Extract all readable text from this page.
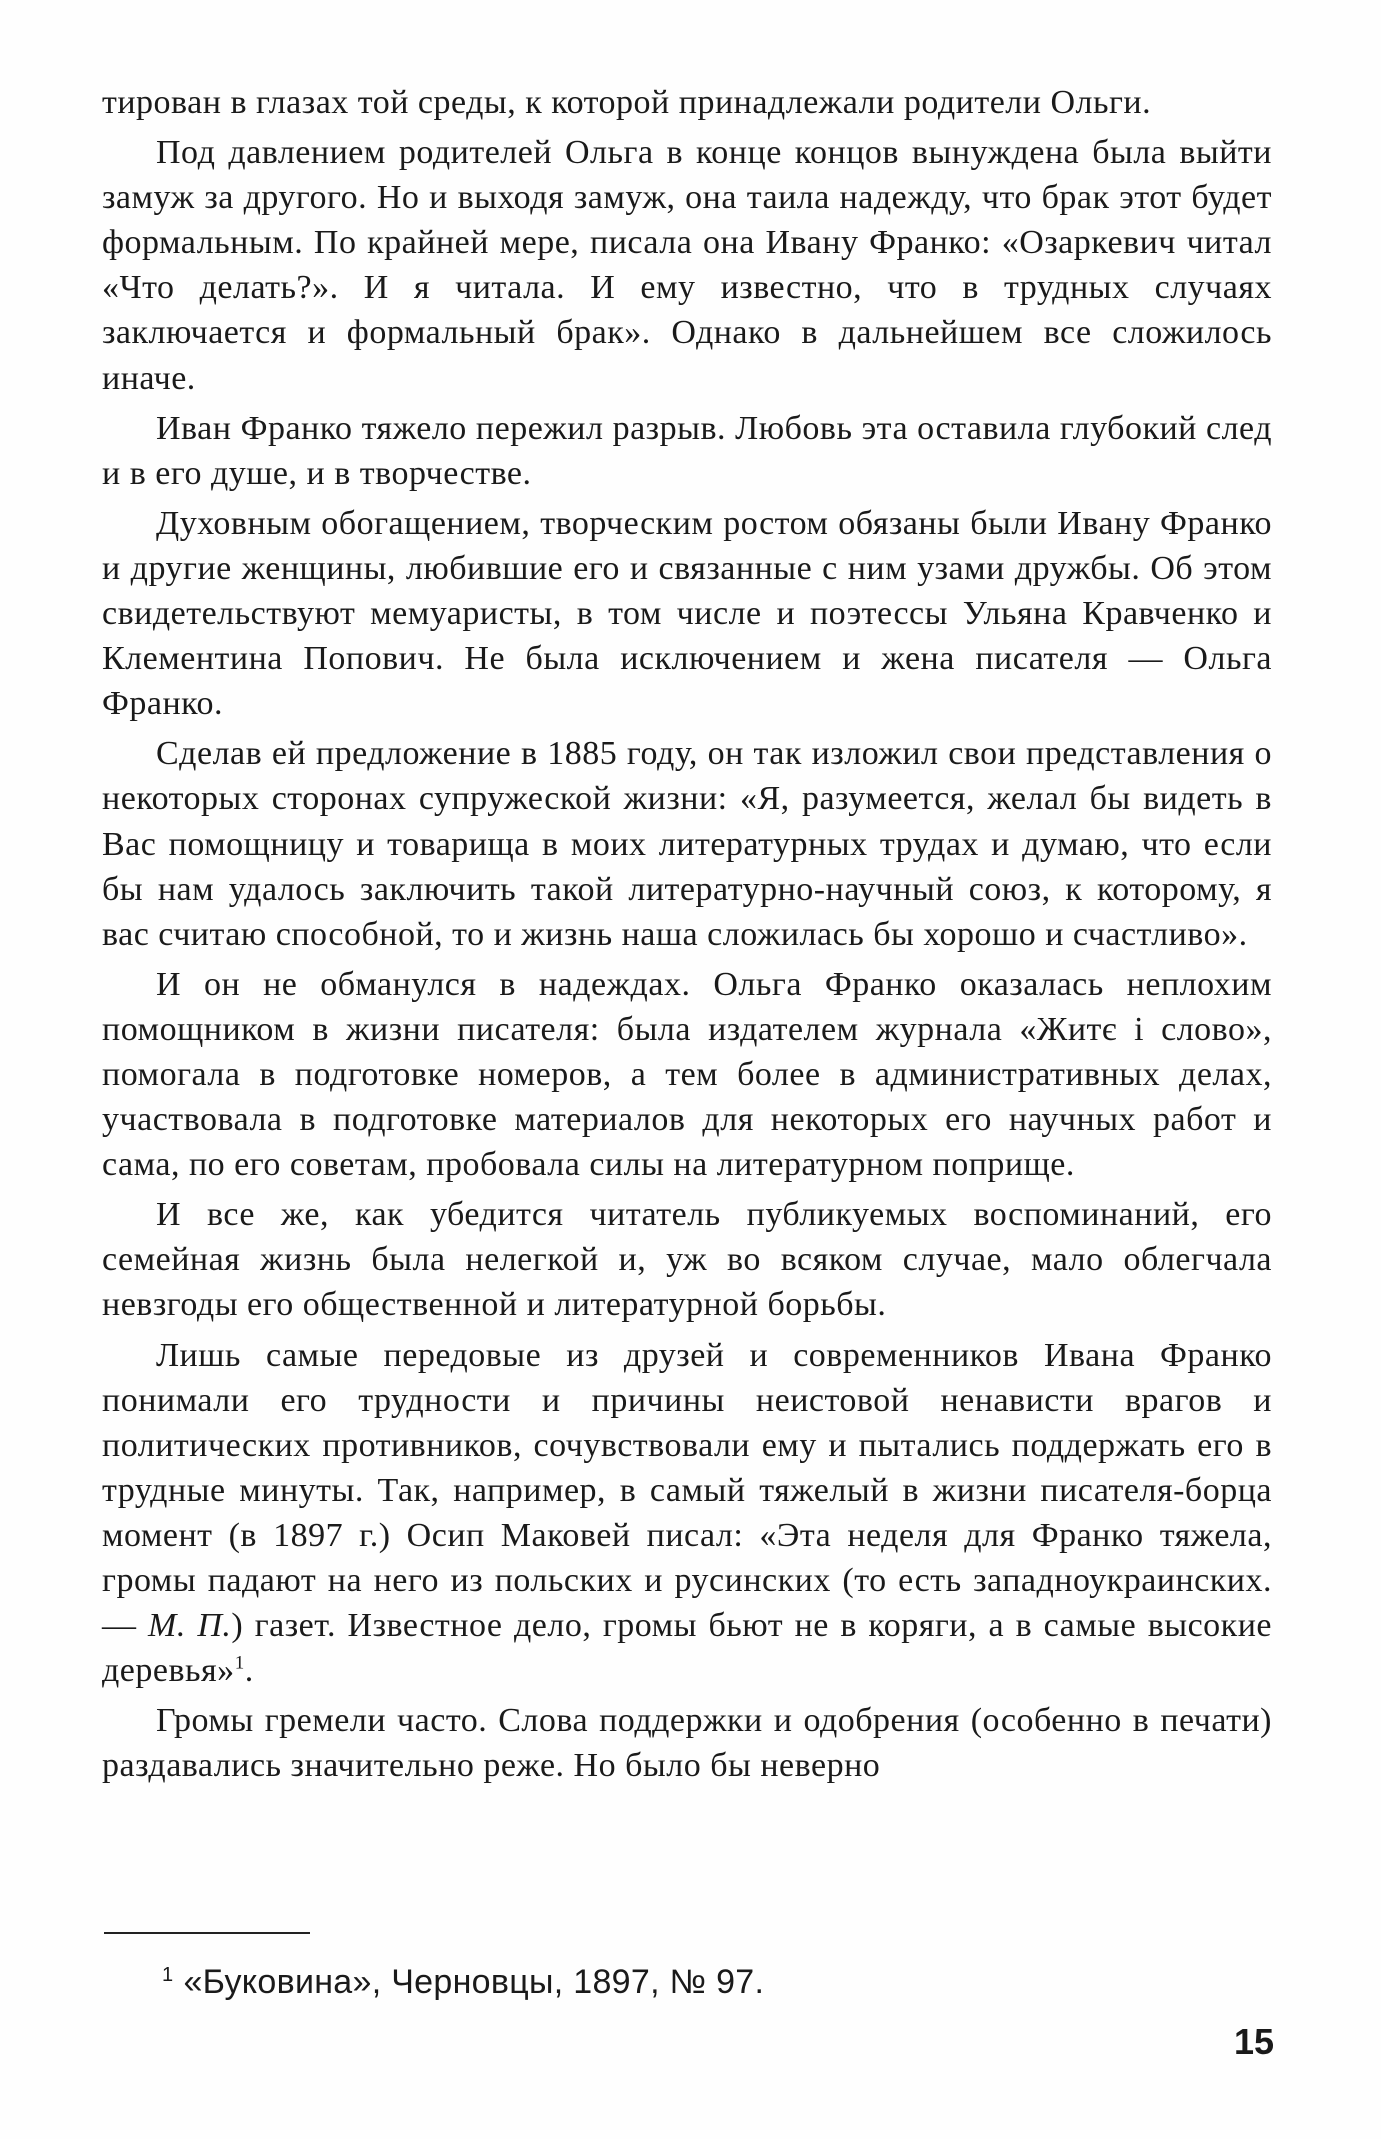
тирован в глазах той среды, к которой принадлежали родители Ольги.

Под давлением родителей Ольга в конце концов вынуждена была выйти замуж за другого. Но и выходя замуж, она таила надежду, что брак этот будет формальным. По крайней мере, писала она Ивану Франко: «Озаркевич читал «Что делать?». И я читала. И ему известно, что в трудных случаях заключается и формальный брак». Однако в дальнейшем все сложилось иначе.

Иван Франко тяжело пережил разрыв. Любовь эта оставила глубокий след и в его душе, и в творчестве.

Духовным обогащением, творческим ростом обязаны были Ивану Франко и другие женщины, любившие его и связанные с ним узами дружбы. Об этом свидетельствуют мемуаристы, в том числе и поэтессы Ульяна Кравченко и Клементина Попович. Не была исключением и жена писателя — Ольга Франко.

Сделав ей предложение в 1885 году, он так изложил свои представления о некоторых сторонах супружеской жизни: «Я, разумеется, желал бы видеть в Вас помощницу и товарища в моих литературных трудах и думаю, что если бы нам удалось заключить такой литературно-научный союз, к которому, я вас считаю способной, то и жизнь наша сложилась бы хорошо и счастливо».

И он не обманулся в надеждах. Ольга Франко оказалась неплохим помощником в жизни писателя: была издателем журнала «Житє і слово», помогала в подготовке номеров, а тем более в административных делах, участвовала в подготовке материалов для некоторых его научных работ и сама, по его советам, пробовала силы на литературном поприще.

И все же, как убедится читатель публикуемых воспоминаний, его семейная жизнь была нелегкой и, уж во всяком случае, мало облегчала невзгоды его общественной и литературной борьбы.

Лишь самые передовые из друзей и современников Ивана Франко понимали его трудности и причины неистовой ненависти врагов и политических противников, сочувствовали ему и пытались поддержать его в трудные минуты. Так, например, в самый тяжелый в жизни писателя-борца момент (в 1897 г.) Осип Маковей писал: «Эта неделя для Франко тяжела, громы падают на него из польских и русинских (то есть западноукраинских. — М. П.) газет. Известное дело, громы бьют не в коряги, а в самые высокие деревья»$^1$.

Громы гремели часто. Слова поддержки и одобрения (особенно в печати) раздавались значительно реже. Но было бы неверно

$^1$ «Буковина», Черновцы, 1897, № 97.
15
